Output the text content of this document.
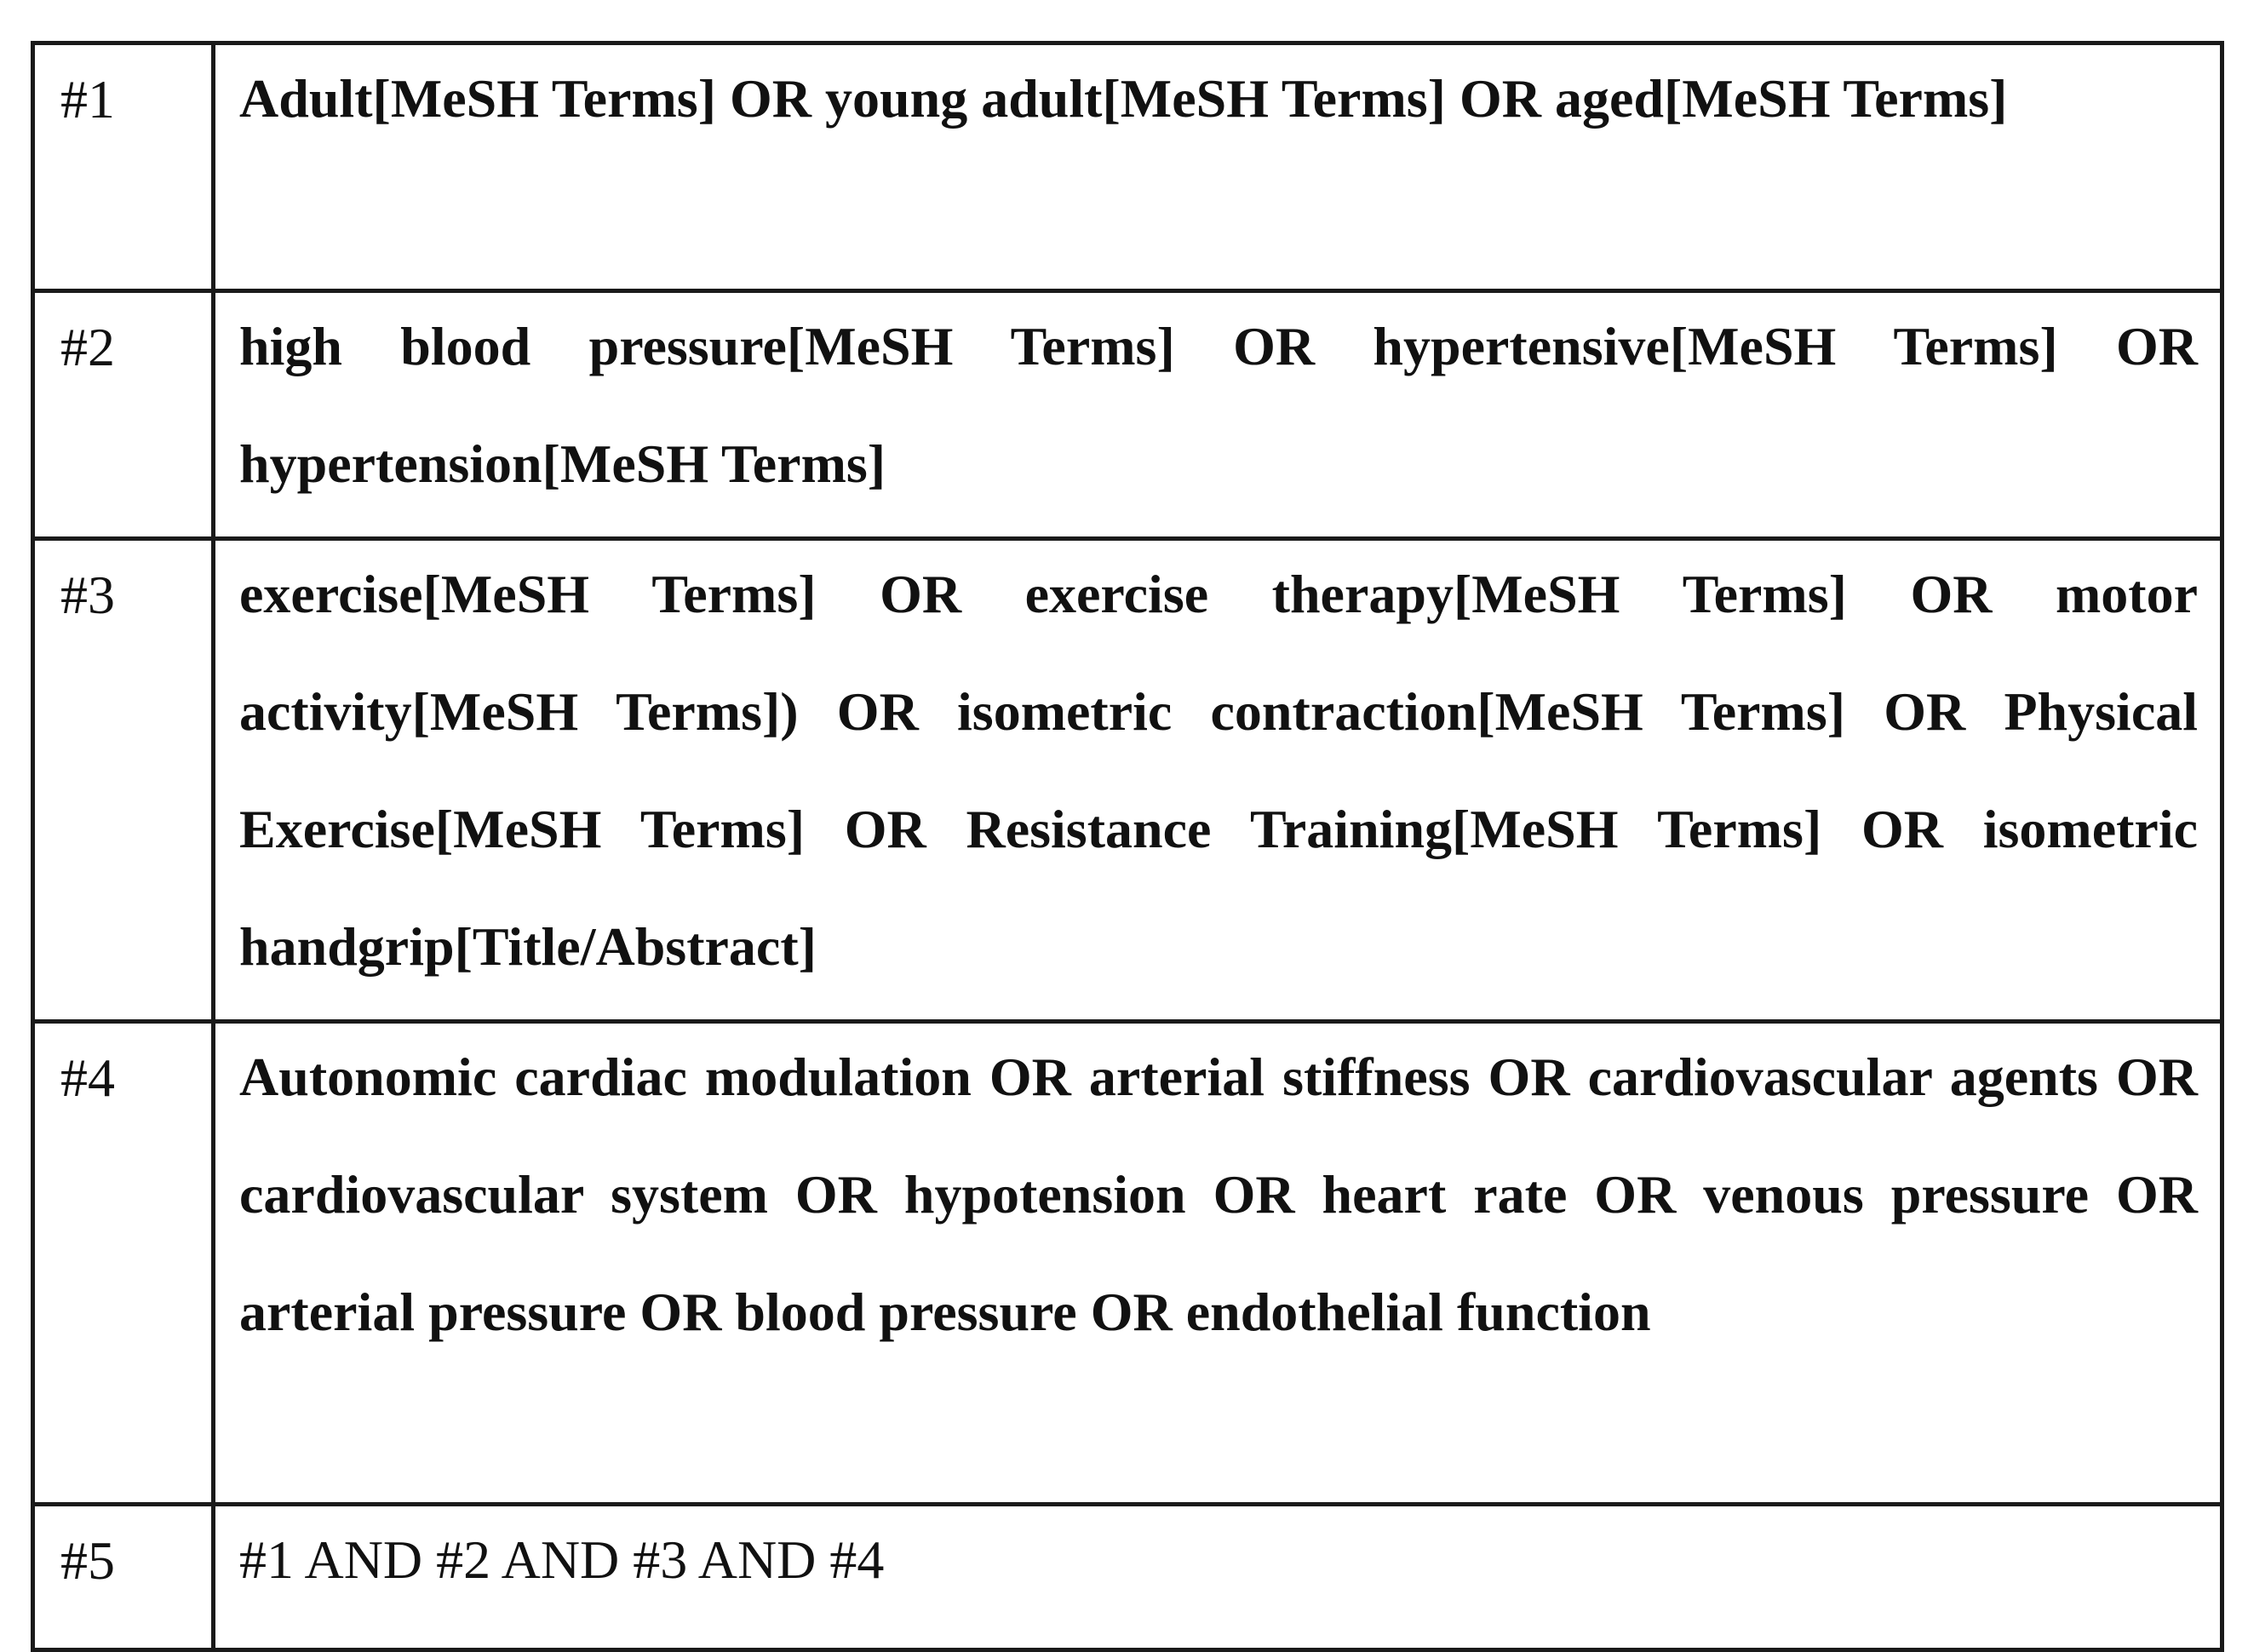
#1	Adult[MeSH Terms] OR young adult[MeSH Terms] OR aged[MeSH Terms]

#2	high blood pressure[MeSH Terms] OR hypertensive[MeSH Terms] OR hypertension[MeSH Terms]

#3	exercise[MeSH Terms] OR exercise therapy[MeSH Terms] OR motor activity[MeSH Terms]) OR isometric contraction[MeSH Terms] OR Physical Exercise[MeSH Terms] OR Resistance Training[MeSH Terms] OR isometric handgrip[Title/Abstract]

#4	Autonomic cardiac modulation OR arterial stiffness OR cardiovascular agents OR cardiovascular system OR hypotension OR heart rate OR venous pressure OR arterial pressure OR blood pressure OR endothelial function

#5	#1 AND #2 AND #3 AND #4
